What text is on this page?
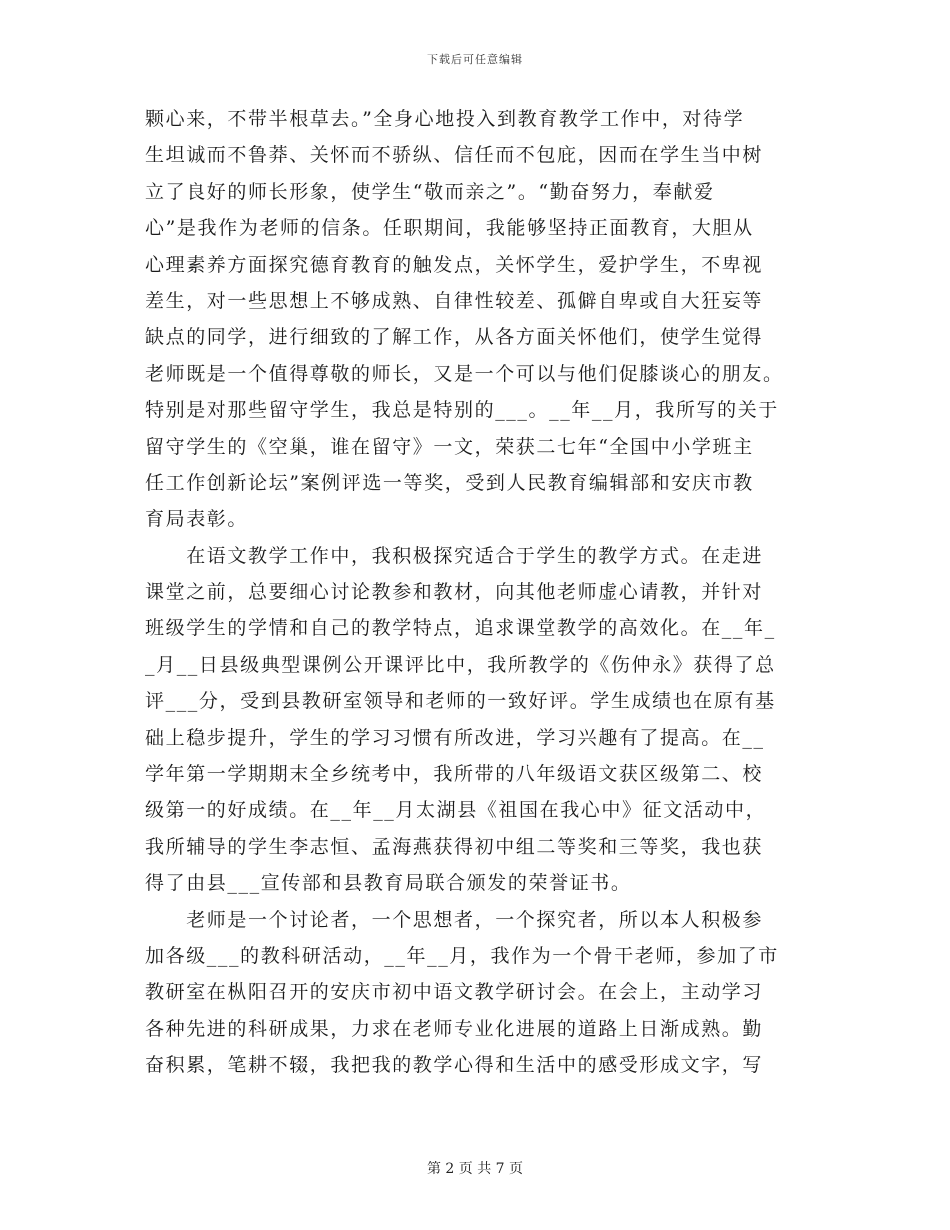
下载后可任意编辑
颗心来，不带半根草去。”全身心地投入到教育教学工作中，对待学
生坦诚而不鲁莽、关怀而不骄纵、信任而不包庇，因而在学生当中树
立了良好的师长形象，使学生“敬而亲之”。“勤奋努力，奉献爱
心”是我作为老师的信条。任职期间，我能够坚持正面教育，大胆从
心理素养方面探究德育教育的触发点，关怀学生，爱护学生，不卑视
差生，对一些思想上不够成熟、自律性较差、孤僻自卑或自大狂妄等
缺点的同学，进行细致的了解工作，从各方面关怀他们，使学生觉得
老师既是一个值得尊敬的师长，又是一个可以与他们促膝谈心的朋友。
特别是对那些留守学生，我总是特别的___。__年__月，我所写的关于
留守学生的《空巢，谁在留守》一文，荣获二七年“全国中小学班主
任工作创新论坛”案例评选一等奖，受到人民教育编辑部和安庆市教
育局表彰。
　　在语文教学工作中，我积极探究适合于学生的教学方式。在走进
课堂之前，总要细心讨论教参和教材，向其他老师虚心请教，并针对
班级学生的学情和自己的教学特点，追求课堂教学的高效化。在__年_
_月__日县级典型课例公开课评比中，我所教学的《伤仲永》获得了总
评___分，受到县教研室领导和老师的一致好评。学生成绩也在原有基
础上稳步提升，学生的学习习惯有所改进，学习兴趣有了提高。在__
学年第一学期期末全乡统考中，我所带的八年级语文获区级第二、校
级第一的好成绩。在__年__月太湖县《祖国在我心中》征文活动中，
我所辅导的学生李志恒、孟海燕获得初中组二等奖和三等奖，我也获
得了由县___宣传部和县教育局联合颁发的荣誉证书。
　　老师是一个讨论者，一个思想者，一个探究者，所以本人积极参
加各级___的教科研活动，__年__月，我作为一个骨干老师，参加了市
教研室在枞阳召开的安庆市初中语文教学研讨会。在会上，主动学习
各种先进的科研成果，力求在老师专业化进展的道路上日渐成熟。勤
奋积累，笔耕不辍，我把我的教学心得和生活中的感受形成文字，写
第 2 页 共 7 页
